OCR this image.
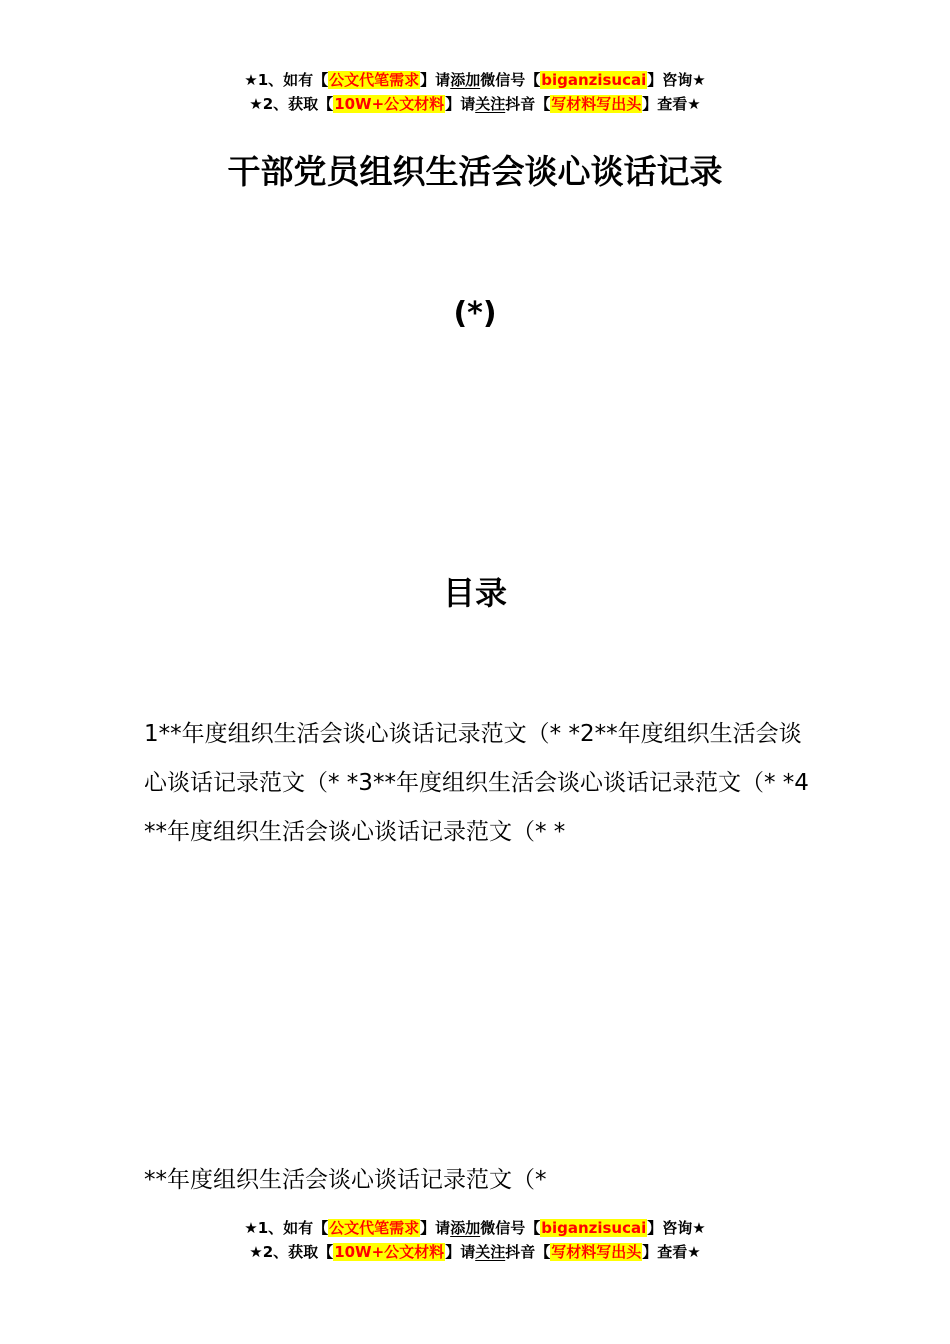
★1、如有【公文代笔需求】请添加微信号【biganzisucai】咨询★
★2、获取【10W+公文材料】请关注抖音【写材料写出头】查看★
干部党员组织生活会谈心谈话记录
(*)
目录
1**年度组织生活会谈心谈话记录范文（* *2**年度组织生活会谈心谈话记录范文（* *3**年度组织生活会谈心谈话记录范文（* *4**年度组织生活会谈心谈话记录范文（* *
**年度组织生活会谈心谈话记录范文（*
★1、如有【公文代笔需求】请添加微信号【biganzisucai】咨询★
★2、获取【10W+公文材料】请关注抖音【写材料写出头】查看★
